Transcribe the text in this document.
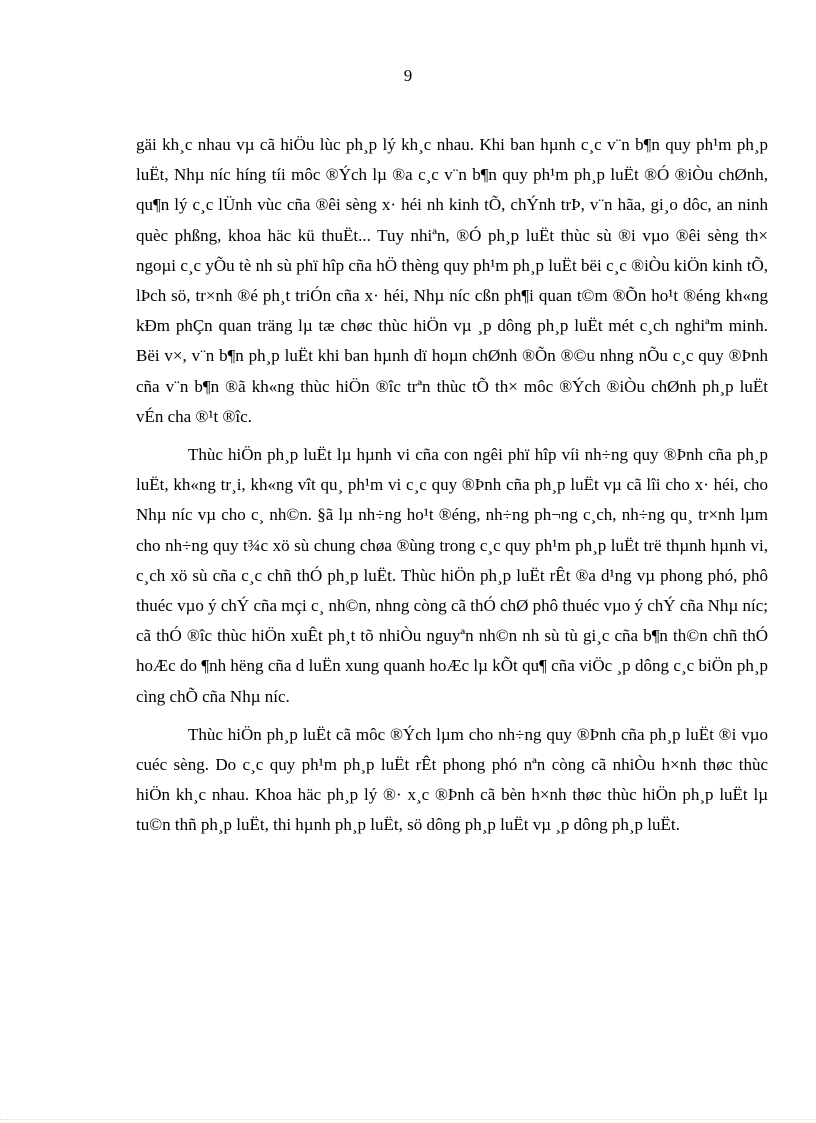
9

gäi kh¸c nhau vµ cã hiÖu lùc ph¸p lý kh¸c nhau. Khi ban hµnh c¸c v¨n b¶n quy ph¹m ph¸p luËt, Nhµ níc híng tíi môc ®Ých lµ ®a c¸c v¨n b¶n quy ph¹m ph¸p luËt ®Ó ®iÒu chØnh, qu¶n lý c¸c lÜnh vùc cña ®êi sèng x· héi nh kinh tÕ, chÝnh trÞ, v¨n hãa, gi¸o dôc, an ninh quèc phßng, khoa häc kü thuËt... Tuy nhiªn, ®Ó ph¸p luËt thùc sù ®i vµo ®êi sèng th× ngoµi c¸c yÕu tè nh sù phï hîp cña hÖ thèng quy ph¹m ph¸p luËt bëi c¸c ®iÒu kiÖn kinh tÕ, lÞch sö, tr×nh ®é ph¸t triÓn cña x· héi, Nhµ níc cßn ph¶i quan t©m ®Õn ho¹t ®éng kh«ng kÐm phÇn quan träng lµ tæ chøc thùc hiÖn vµ ¸p dông ph¸p luËt mét c¸ch nghiªm minh. Bëi v×, v¨n b¶n ph¸p luËt khi ban hµnh dï hoµn chØnh ®Õn ®©u nhng nÕu c¸c quy ®Þnh cña v¨n b¶n ®ã kh«ng thùc hiÖn ®îc trªn thùc tÕ th× môc ®Ých ®iÒu chØnh ph¸p luËt vÉn cha ®¹t ®îc.

Thùc hiÖn ph¸p luËt lµ hµnh vi cña con ngêi phï hîp víi nh÷ng quy ®Þnh cña ph¸p luËt, kh«ng tr¸i, kh«ng vît qu¸ ph¹m vi c¸c quy ®Þnh cña ph¸p luËt vµ cã lîi cho x· héi, cho Nhµ níc vµ cho c¸ nh©n. §ã lµ nh÷ng ho¹t ®éng, nh÷ng ph¬ng c¸ch, nh÷ng qu¸ tr×nh lµm cho nh÷ng quy t¾c xö sù chung chøa ®ùng trong c¸c quy ph¹m ph¸p luËt trë thµnh hµnh vi, c¸ch xö sù cña c¸c chñ thÓ ph¸p luËt. Thùc hiÖn ph¸p luËt rÊt ®a d¹ng vµ phong phó, phô thuéc vµo ý chÝ cña mçi c¸ nh©n, nhng còng cã thÓ chØ phô thuéc vµo ý chÝ cña Nhµ níc; cã thÓ ®îc thùc hiÖn xuÊt ph¸t tõ nhiÒu nguyªn nh©n nh sù tù gi¸c cña b¶n th©n chñ thÓ hoÆc do ¶nh hëng cña d luËn xung quanh hoÆc lµ kÕt qu¶ cña viÖc ¸p dông c¸c biÖn ph¸p cìng chÕ cña Nhµ níc.

Thùc hiÖn ph¸p luËt cã môc ®Ých lµm cho nh÷ng quy ®Þnh cña ph¸p luËt ®i vµo cuéc sèng. Do c¸c quy ph¹m ph¸p luËt rÊt phong phó nªn còng cã nhiÒu h×nh thøc thùc hiÖn kh¸c nhau. Khoa häc ph¸p lý ®· x¸c ®Þnh cã bèn h×nh thøc thùc hiÖn ph¸p luËt lµ tu©n thñ ph¸p luËt, thi hµnh ph¸p luËt, sö dông ph¸p luËt vµ ¸p dông ph¸p luËt.
